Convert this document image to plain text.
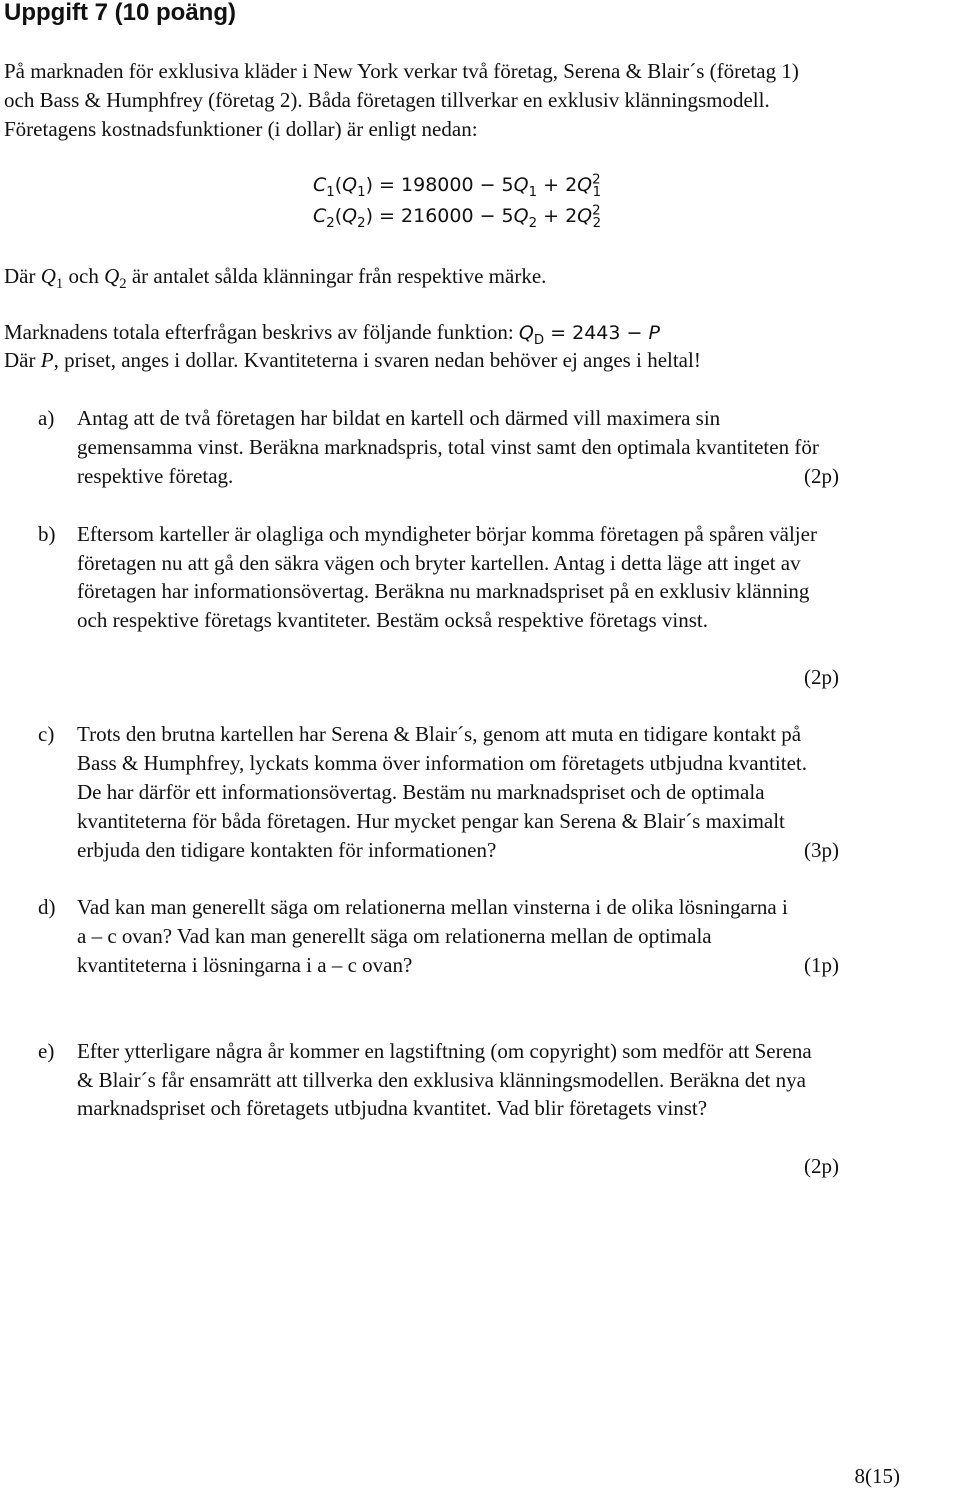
Uppgift 7 (10 poäng)
På marknaden för exklusiva kläder i New York verkar två företag, Serena & Blair´s (företag 1)
och Bass & Humphfrey (företag 2). Båda företagen tillverkar en exklusiv klänningsmodell.
Företagens kostnadsfunktioner (i dollar) är enligt nedan:
$C_1(Q_1) = 198000 - 5Q_1 + 2Q^2_1$
$C_2(Q_2) = 216000 - 5Q_2 + 2Q^2_2$
Där $Q_1$ och $Q_2$ är antalet sålda klänningar från respektive märke.
Marknadens totala efterfrågan beskrivs av följande funktion: $Q_D = 2443 - P$
Där P, priset, anges i dollar. Kvantiteterna i svaren nedan behöver ej anges i heltal!
a) Antag att de två företagen har bildat en kartell och därmed vill maximera sin
gemensamma vinst. Beräkna marknadspris, total vinst samt den optimala kvantiteten för
respektive företag.	(2p)
b) Eftersom karteller är olagliga och myndigheter börjar komma företagen på spåren väljer
företagen nu att gå den säkra vägen och bryter kartellen. Antag i detta läge att inget av
företagen har informationsövertag. Beräkna nu marknadspriset på en exklusiv klänning
och respektive företags kvantiteter. Bestäm också respektive företags vinst.
(2p)
c) Trots den brutna kartellen har Serena & Blair´s, genom att muta en tidigare kontakt på
Bass & Humphfrey, lyckats komma över information om företagets utbjudna kvantitet.
De har därför ett informationsövertag. Bestäm nu marknadspriset och de optimala
kvantiteterna för båda företagen. Hur mycket pengar kan Serena & Blair´s maximalt
erbjuda den tidigare kontakten för informationen?	(3p)
d) Vad kan man generellt säga om relationerna mellan vinsterna i de olika lösningarna i
a – c ovan? Vad kan man generellt säga om relationerna mellan de optimala
kvantiteterna i lösningarna i a – c ovan?	(1p)
e) Efter ytterligare några år kommer en lagstiftning (om copyright) som medför att Serena
& Blair´s får ensamrätt att tillverka den exklusiva klänningsmodellen. Beräkna det nya
marknadspriset och företagets utbjudna kvantitet. Vad blir företagets vinst?
(2p)
8(15)
